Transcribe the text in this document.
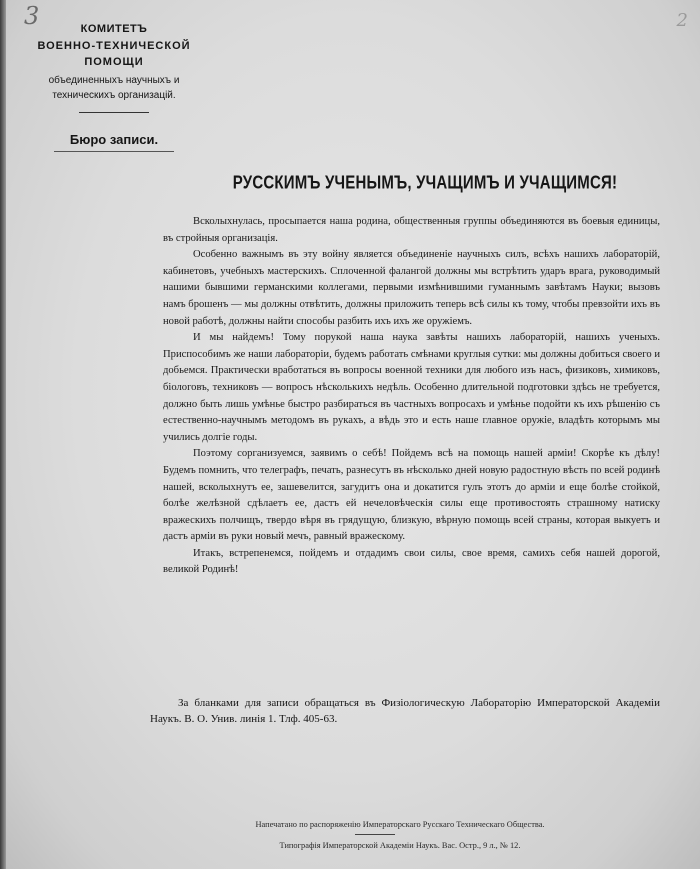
3	2
КОМИТЕТЪ
ВОЕННО-ТЕХНИЧЕСКОЙ ПОМОЩИ
объединенныхъ научныхъ и
техническихъ организацій.
Бюро записи.
РУССКИМЪ УЧЕНЫМЪ, УЧАЩИМЪ И УЧАЩИМСЯ!

Всколыхнулась, просыпается наша родина, общественныя группы объединяются въ боевыя единицы, въ стройныя организація.

Особенно важнымъ въ эту войну является объединеніе научныхъ силъ, всѣхъ нашихъ лабораторій, кабинетовъ, учебныхъ мастерскихъ. Сплоченной фалангой должны мы встрѣтить ударъ врага, руководимый нашими бывшими германскими коллегами, первыми измѣнившими гуманнымъ завѣтамъ Науки; вызовъ намъ брошенъ — мы должны отвѣтить, должны приложить теперь всѣ силы къ тому, чтобы превзойти ихъ въ новой работѣ, должны найти способы разбить ихъ ихъ же оружіемъ.

И мы найдемъ! Тому порукой наша наука завѣты нашихъ лабораторій, нашихъ ученыхъ. Приспособимъ же наши лабораторіи, будемъ работать смѣнами круглыя сутки: мы должны добиться своего и добьемся. Практически вработаться въ вопросы военной техники для любого изъ насъ, физиковъ, химиковъ, біологовъ, техниковъ — вопросъ нѣсколькихъ недѣль. Особенно длительной подготовки здѣсь не требуется, должно быть лишь умѣнье быстро разбираться въ частныхъ вопросахъ и умѣнье подойти къ ихъ рѣшенію съ естественно-научнымъ методомъ въ рукахъ, а вѣдь это и есть наше главное оружіе, владѣть которымъ мы учились долгіе годы.

Поэтому сорганизуемся, заявимъ о себѣ! Пойдемъ всѣ на помощь нашей арміи! Скорѣе къ дѣлу! Будемъ помнить, что телеграфъ, печать, разнесутъ въ нѣсколько дней новую радостную вѣсть по всей родинѣ нашей, всколыхнутъ ее, зашевелится, загудитъ она и докатится гулъ этотъ до арміи и еще болѣе стойкой, болѣе желѣзной сдѣлаетъ ее, дастъ ей нечеловѣческія силы еще противостоять страшному натиску вражескихъ полчищъ, твердо вѣря въ грядущую, близкую, вѣрную помощь всей страны, которая выкуетъ и дастъ арміи въ руки новый мечъ, равный вражескому.

Итакъ, встрепенемся, пойдемъ и отдадимъ свои силы, свое время, самихъ себя нашей дорогой, великой Родинѣ!

За бланками для записи обращаться въ Физіологическую Лабораторію Императорской Академіи Наукъ. В. О. Унив. линія 1. Тлф. 405-63.
Напечатано по распоряженію Императорскаго Русскаго Техническаго Общества.
Типографія Императорской Академіи Наукъ. Вас. Остр., 9 л., № 12.
